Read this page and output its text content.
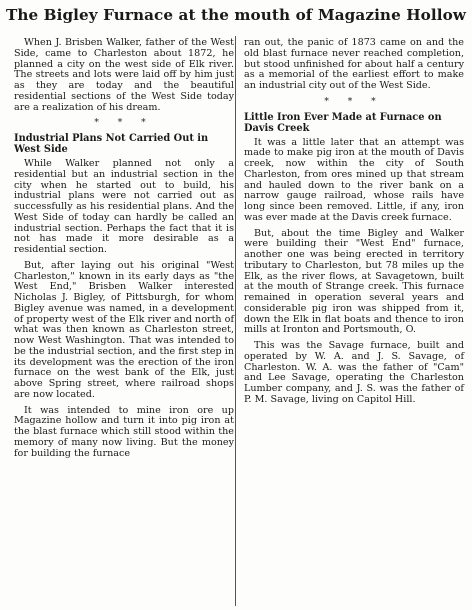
The Bigley Furnace at the mouth of Magazine Hollow

When J. Brisben Walker, father of the West Side, came to Charleston about 1872, he planned a city on the west side of Elk river. The streets and lots were laid off by him just as they are today and the beautiful residential sections of the West Side today are a realization of his dream.

* * *
Industrial Plans Not Carried Out in West Side

While Walker planned not only a residential but an industrial section in the city when he started out to build, his industrial plans were not carried out as successfully as his residential plans. And the West Side of today can hardly be called an industrial section. Perhaps the fact that it is not has made it more desirable as a residential section.

But, after laying out his original "West Charleston," known in its early days as "the West End," Brisben Walker interested Nicholas J. Bigley, of Pittsburgh, for whom Bigley avenue was named, in a development of property west of the Elk river and north of what was then known as Charleston street, now West Washington. That was intended to be the industrial section, and the first step in its development was the erection of the iron furnace on the west bank of the Elk, just above Spring street, where railroad shops are now located.

It was intended to mine iron ore up Magazine hollow and turn it into pig iron at the blast furnace which still stood within the memory of many now living. But the money for building the furnace

ran out, the panic of 1873 came on and the old blast furnace never reached completion, but stood unfinished for about half a century as a memorial of the earliest effort to make an industrial city out of the West Side.

* * *
Little Iron Ever Made at Furnace on Davis Creek

It was a little later that an attempt was made to make pig iron at the mouth of Davis creek, now within the city of South Charleston, from ores mined up that stream and hauled down to the river bank on a narrow gauge railroad, whose rails have long since been removed. Little, if any, iron was ever made at the Davis creek furnace.

But, about the time Bigley and Walker were building their "West End" furnace, another one was being erected in territory tributary to Charleston, but 78 miles up the Elk, as the river flows, at Savagetown, built at the mouth of Strange creek. This furnace remained in operation several years and considerable pig iron was shipped from it, down the Elk in flat boats and thence to iron mills at Ironton and Portsmouth, O.

This was the Savage furnace, built and operated by W. A. and J. S. Savage, of Charleston. W. A. was the father of "Cam" and Lee Savage, operating the Charleston Lumber company, and J. S. was the father of P. M. Savage, living on Capitol Hill.
